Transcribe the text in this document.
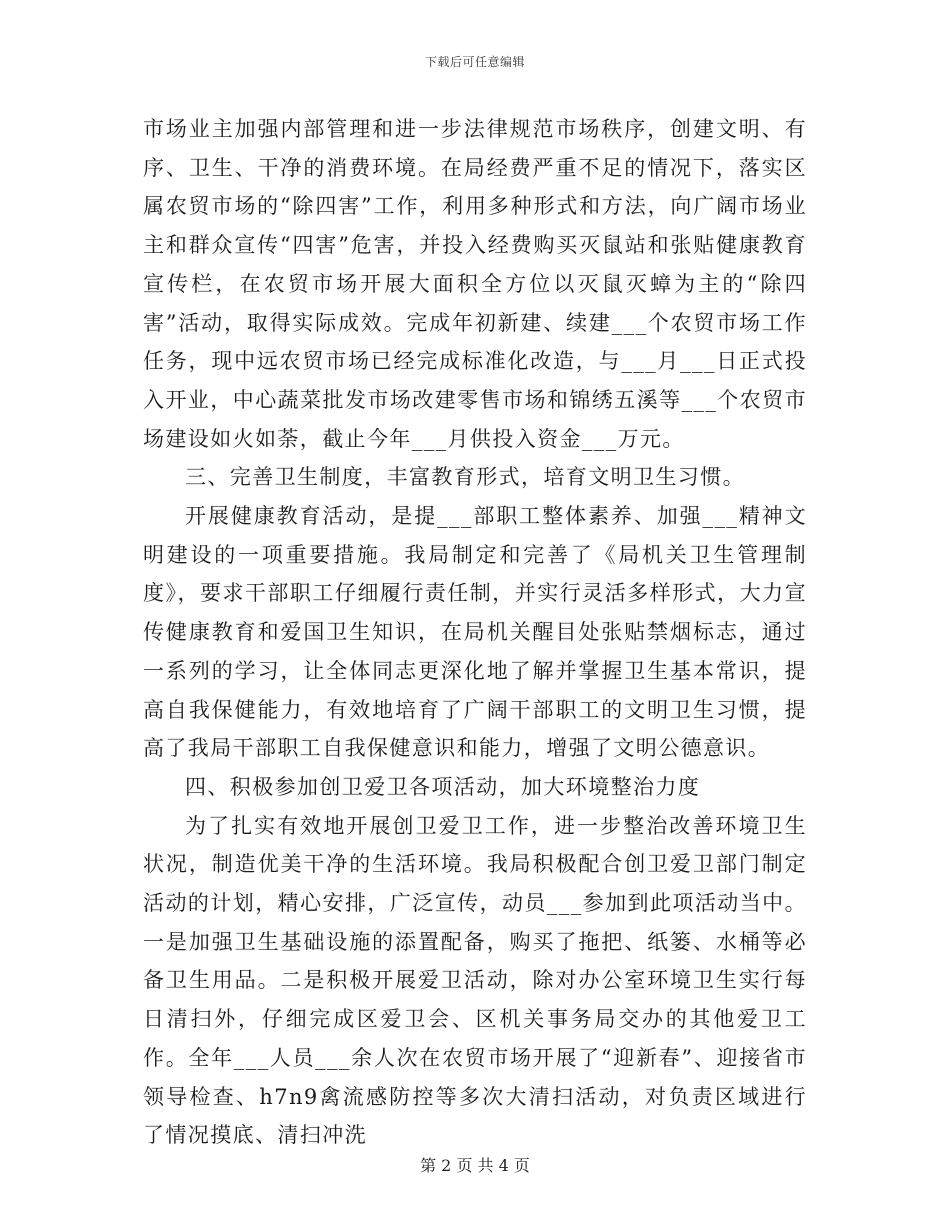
下载后可任意编辑

市场业主加强内部管理和进一步法律规范市场秩序，创建文明、有序、卫生、干净的消费环境。在局经费严重不足的情况下，落实区属农贸市场的“除四害”工作，利用多种形式和方法，向广阔市场业主和群众宣传“四害”危害，并投入经费购买灭鼠站和张贴健康教育宣传栏，在农贸市场开展大面积全方位以灭鼠灭蟑为主的“除四害”活动，取得实际成效。完成年初新建、续建___个农贸市场工作任务，现中远农贸市场已经完成标准化改造，与___月___日正式投入开业，中心蔬菜批发市场改建零售市场和锦绣五溪等___个农贸市场建设如火如荼，截止今年___月供投入资金___万元。

三、完善卫生制度，丰富教育形式，培育文明卫生习惯。

开展健康教育活动，是提___部职工整体素养、加强___精神文明建设的一项重要措施。我局制定和完善了《局机关卫生管理制度》，要求干部职工仔细履行责任制，并实行灵活多样形式，大力宣传健康教育和爱国卫生知识，在局机关醒目处张贴禁烟标志，通过一系列的学习，让全体同志更深化地了解并掌握卫生基本常识，提高自我保健能力，有效地培育了广阔干部职工的文明卫生习惯，提高了我局干部职工自我保健意识和能力，增强了文明公德意识。

四、积极参加创卫爱卫各项活动，加大环境整治力度

为了扎实有效地开展创卫爱卫工作，进一步整治改善环境卫生状况，制造优美干净的生活环境。我局积极配合创卫爱卫部门制定活动的计划，精心安排，广泛宣传，动员___参加到此项活动当中。一是加强卫生基础设施的添置配备，购买了拖把、纸篓、水桶等必备卫生用品。二是积极开展爱卫活动，除对办公室环境卫生实行每日清扫外，仔细完成区爱卫会、区机关事务局交办的其他爱卫工作。全年___人员___余人次在农贸市场开展了“迎新春”、迎接省市领导检查、h7n9禽流感防控等多次大清扫活动，对负责区域进行了情况摸底、清扫冲洗

第 2 页 共 4 页
